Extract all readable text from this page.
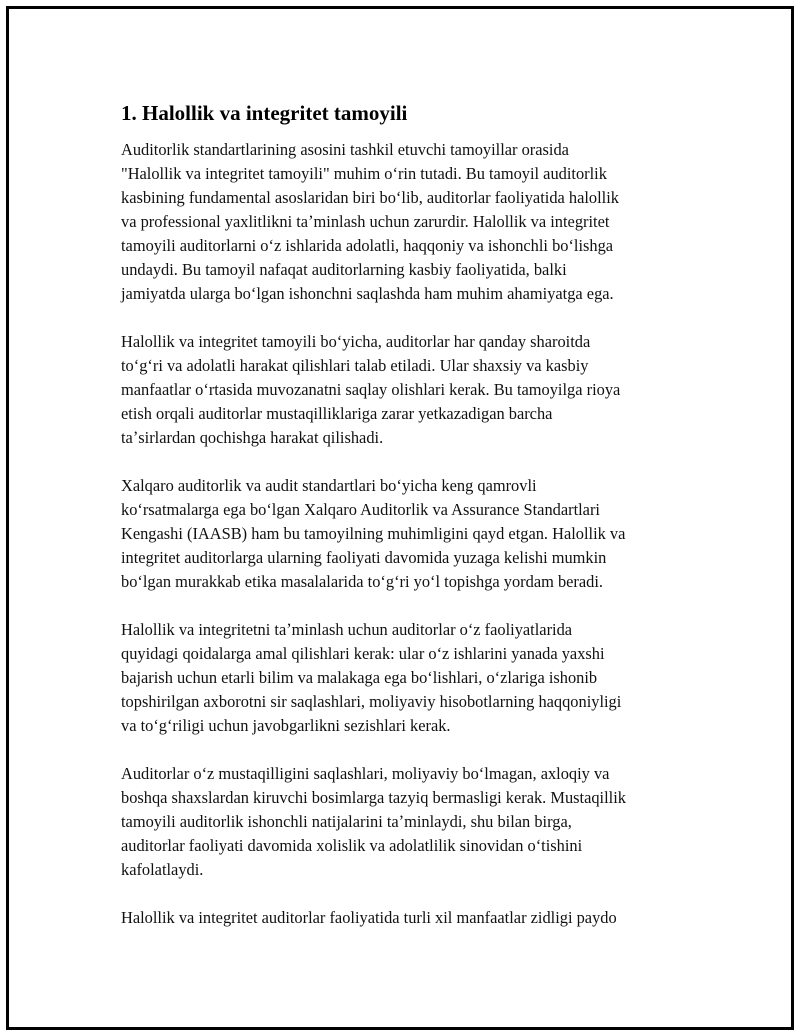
1. Halollik va integritet tamoyili
Auditorlik standartlarining asosini tashkil etuvchi tamoyillar orasida
"Halollik va integritet tamoyili" muhim oʻrin tutadi. Bu tamoyil auditorlik
kasbining fundamental asoslaridan biri boʻlib, auditorlar faoliyatida halollik
va professional yaxlitlikni taʼminlash uchun zarurdir. Halollik va integritet
tamoyili auditorlarni oʻz ishlarida adolatli, haqqoniy va ishonchli boʻlishga
undaydi. Bu tamoyil nafaqat auditorlarning kasbiy faoliyatida, balki
jamiyatda ularga boʻlgan ishonchni saqlashda ham muhim ahamiyatga ega.
Halollik va integritet tamoyili boʻyicha, auditorlar har qanday sharoitda
toʻgʻri va adolatli harakat qilishlari talab etiladi. Ular shaxsiy va kasbiy
manfaatlar oʻrtasida muvozanatni saqlay olishlari kerak. Bu tamoyilga rioya
etish orqali auditorlar mustaqilliklariga zarar yetkazadigan barcha
taʼsirlardan qochishga harakat qilishadi.
Xalqaro auditorlik va audit standartlari boʻyicha keng qamrovli
koʻrsatmalarga ega boʻlgan Xalqaro Auditorlik va Assurance Standartlari
Kengashi (IAASB) ham bu tamoyilning muhimligini qayd etgan. Halollik va
integritet auditorlarga ularning faoliyati davomida yuzaga kelishi mumkin
boʻlgan murakkab etika masalalarida toʻgʻri yoʻl topishga yordam beradi.
Halollik va integritetni taʼminlash uchun auditorlar oʻz faoliyatlarida
quyidagi qoidalarga amal qilishlari kerak: ular oʻz ishlarini yanada yaxshi
bajarish uchun etarli bilim va malakaga ega boʻlishlari, oʻzlariga ishonib
topshirilgan axborotni sir saqlashlari, moliyaviy hisobotlarning haqqoniyligi
va toʻgʻriligi uchun javobgarlikni sezishlari kerak.
Auditorlar oʻz mustaqilligini saqlashlari, moliyaviy boʻlmagan, axloqiy va
boshqa shaxslardan kiruvchi bosimlarga tazyiq bermasligi kerak. Mustaqillik
tamoyili auditorlik ishonchli natijalarini taʼminlaydi, shu bilan birga,
auditorlar faoliyati davomida xolislik va adolatlilik sinovidan oʻtishini
kafolatlaydi.
Halollik va integritet auditorlar faoliyatida turli xil manfaatlar zidligi paydo
